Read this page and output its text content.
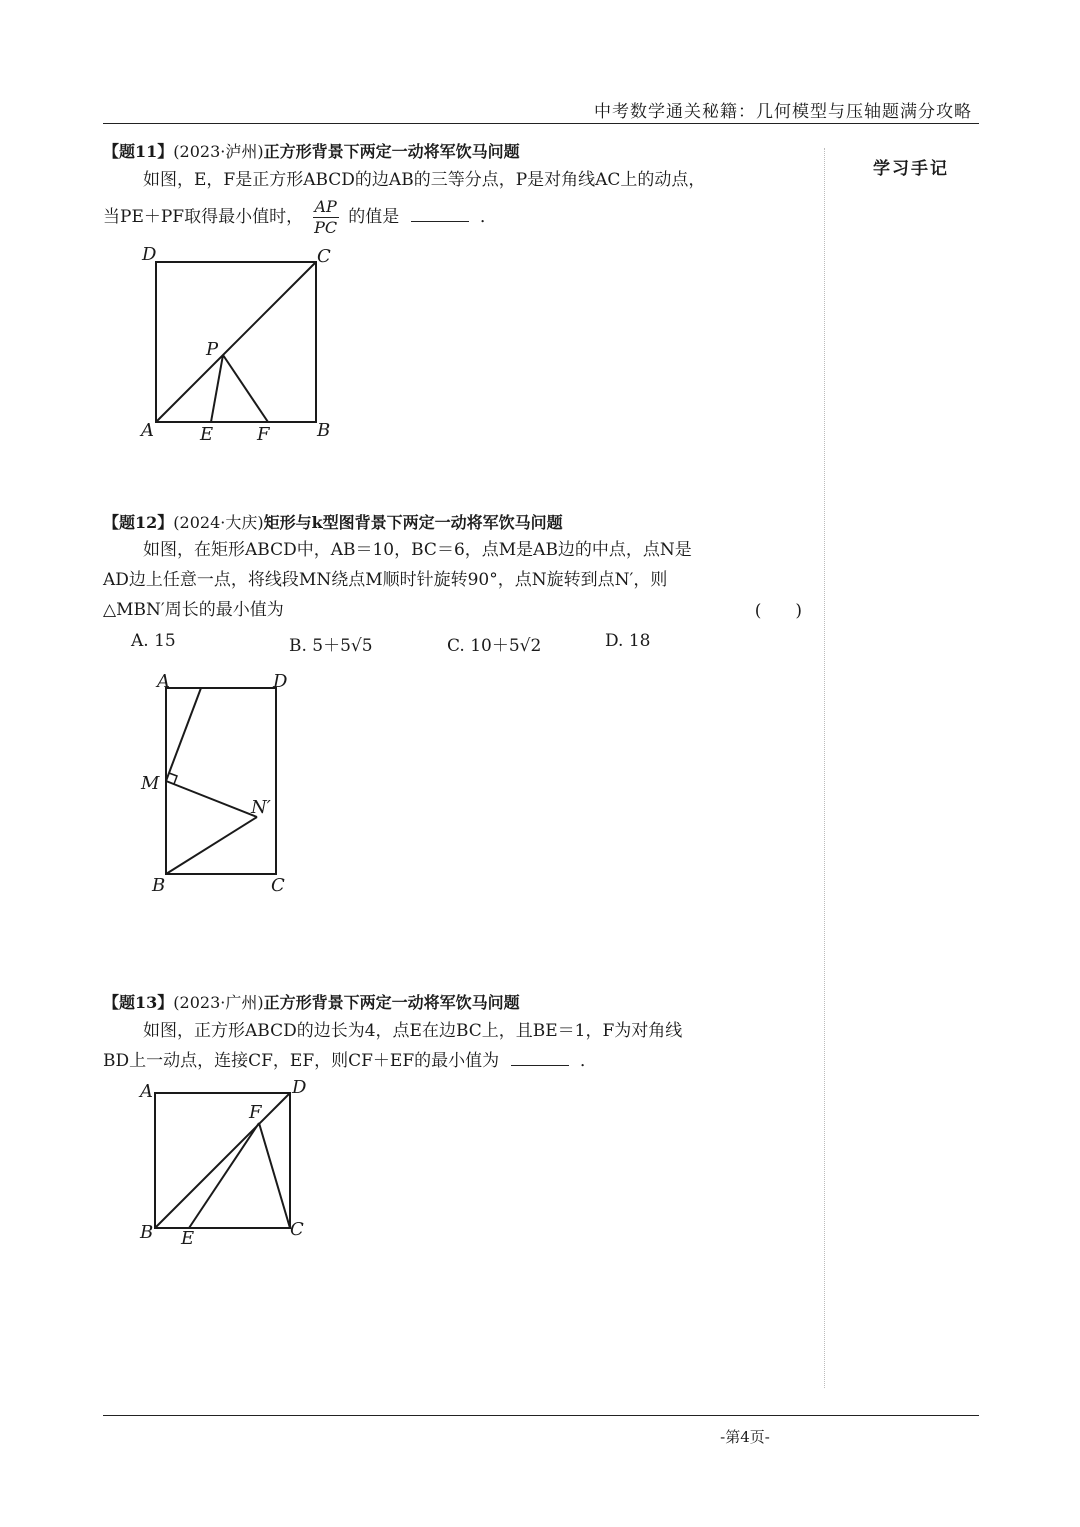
中考数学通关秘籍：几何模型与压轴题满分攻略
学习手记
【题11】(2023·泸州)正方形背景下两定一动将军饮马问题
如图，E，F是正方形ABCD的边AB的三等分点，P是对角线AC上的动点，
当PE＋PF取得最小值时， $\frac{AP}{PC}$ 的值是	．
D	C
P
A	E F	B
【题12】(2024·大庆)矩形与k型图背景下两定一动将军饮马问题
如图，在矩形ABCD中，AB＝10，BC＝6，点M是AB边的中点，点N是
AD边上任意一点，将线段MN绕点M顺时针旋转90°，点N旋转到点N′，则
△MBN′周长的最小值为	(　　)
A. 15	B. 5＋5√5	C. 10＋5√2	D. 18
A	D
M
N′
B	C
【题13】(2023·广州)正方形背景下两定一动将军饮马问题
如图，正方形ABCD的边长为4，点E在边BC上，且BE＝1，F为对角线
BD上一动点，连接CF，EF，则CF＋EF的最小值为	．
A	D
F
B E	C
-第4页-
